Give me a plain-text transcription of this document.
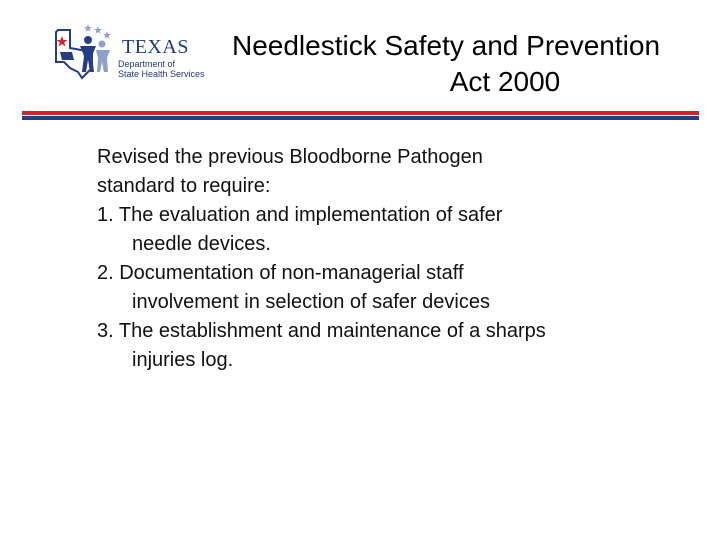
TEXAS
Department of
State Health Services
Needlestick Safety and Prevention
Act 2000
Revised the previous Bloodborne Pathogen
standard to require:
1. The evaluation and implementation of safer
needle devices.
2. Documentation of non-managerial staff
involvement in selection of safer devices
3. The establishment and maintenance of a sharps
injuries log.
